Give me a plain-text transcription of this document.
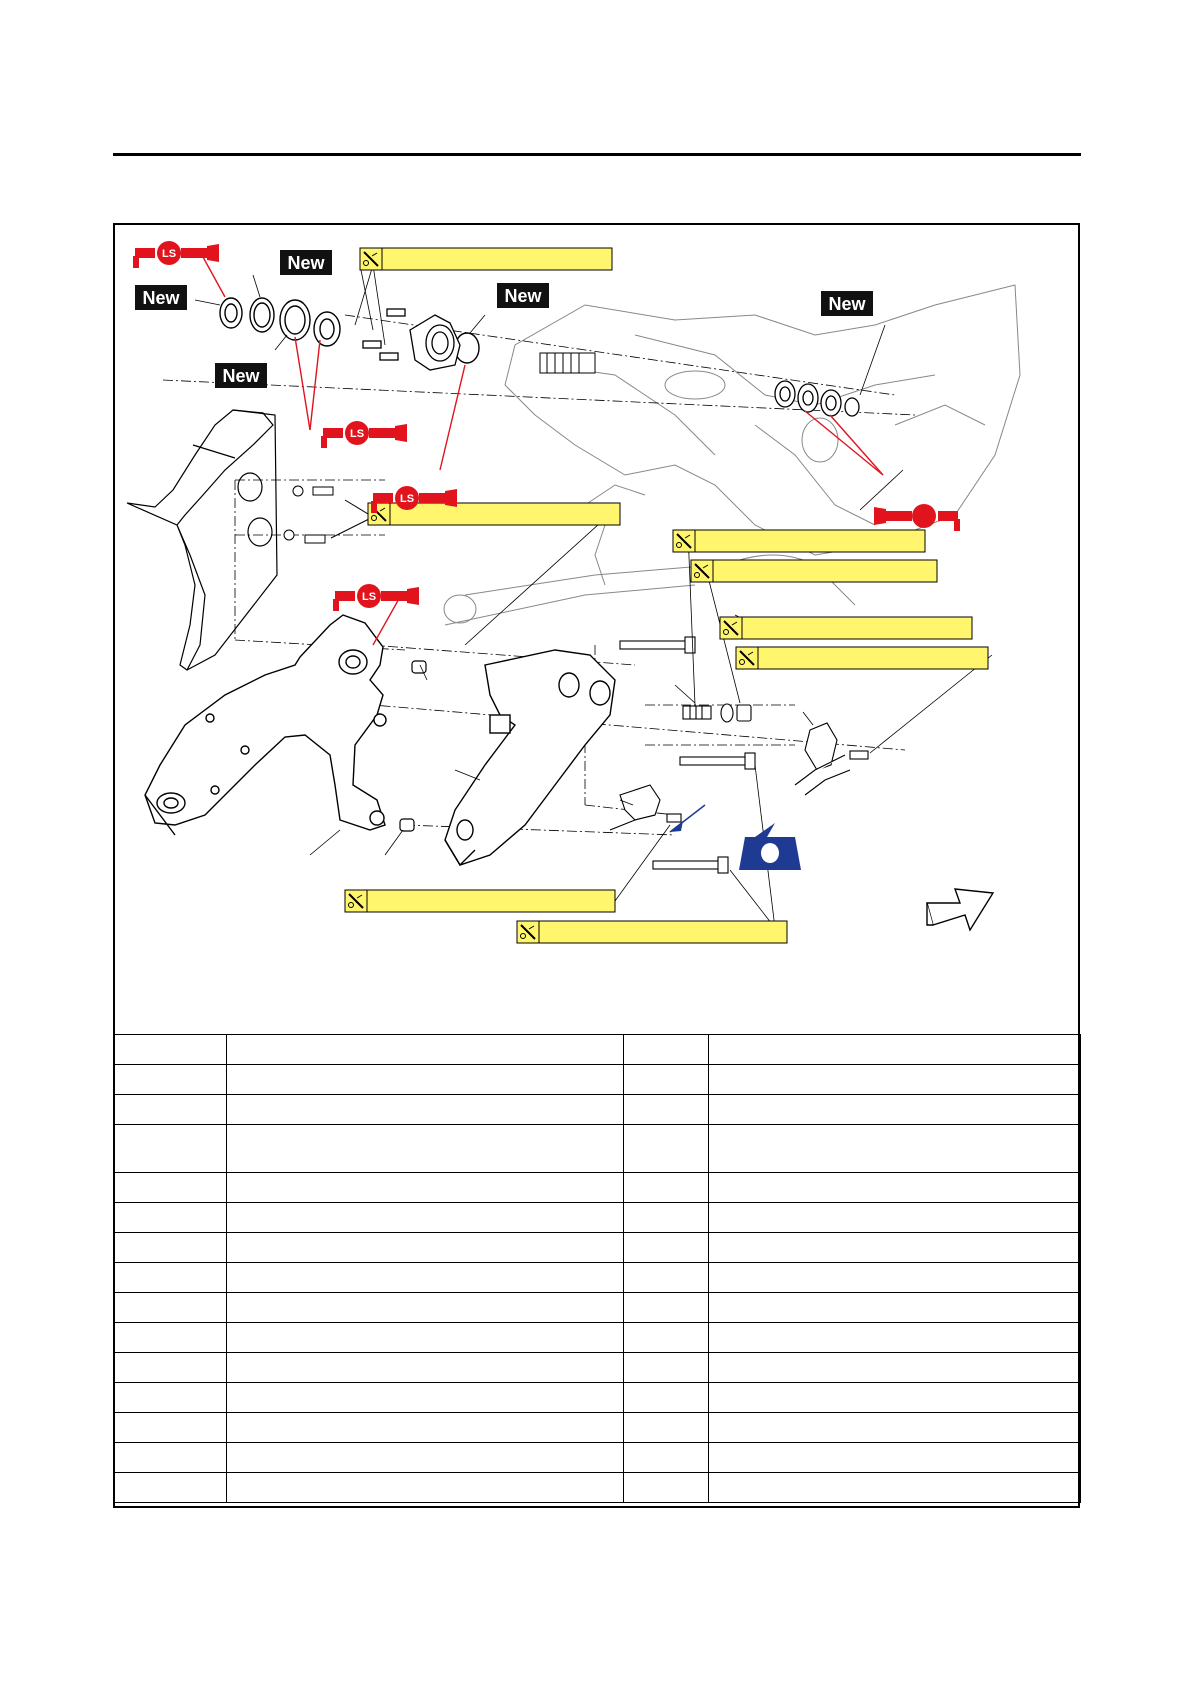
New
New
New
New	New
LS
LS
LS
LS
LS
